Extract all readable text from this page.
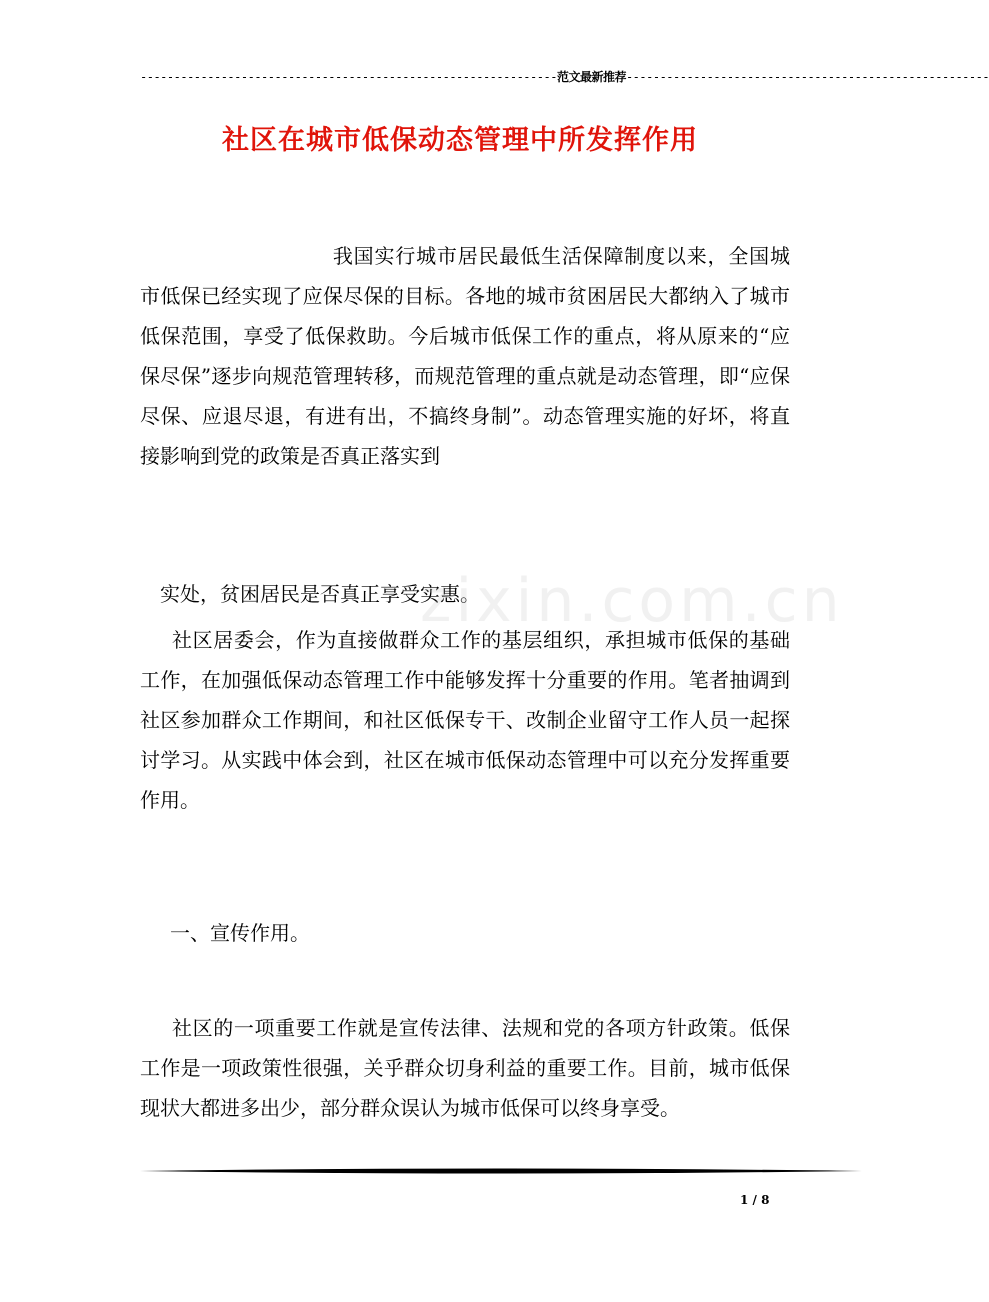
--------------------------------------------------------------范文最新推荐------------------------------------------------------
社区在城市低保动态管理中所发挥作用
我国实行城市居民最低生活保障制度以来，全国城市低保已经实现了应保尽保的目标。各地的城市贫困居民大都纳入了城市低保范围，享受了低保救助。今后城市低保工作的重点，将从原来的“应保尽保”逐步向规范管理转移，而规范管理的重点就是动态管理，即“应保尽保、应退尽退，有进有出，不搞终身制”。动态管理实施的好坏，将直接影响到党的政策是否真正落实到
实处，贫困居民是否真正享受实惠。
zixin.com.cn
社区居委会，作为直接做群众工作的基层组织，承担城市低保的基础工作，在加强低保动态管理工作中能够发挥十分重要的作用。笔者抽调到社区参加群众工作期间，和社区低保专干、改制企业留守工作人员一起探讨学习。从实践中体会到，社区在城市低保动态管理中可以充分发挥重要作用。
一、宣传作用。
社区的一项重要工作就是宣传法律、法规和党的各项方针政策。低保工作是一项政策性很强，关乎群众切身利益的重要工作。目前，城市低保现状大都进多出少，部分群众误认为城市低保可以终身享受。
1 / 8
